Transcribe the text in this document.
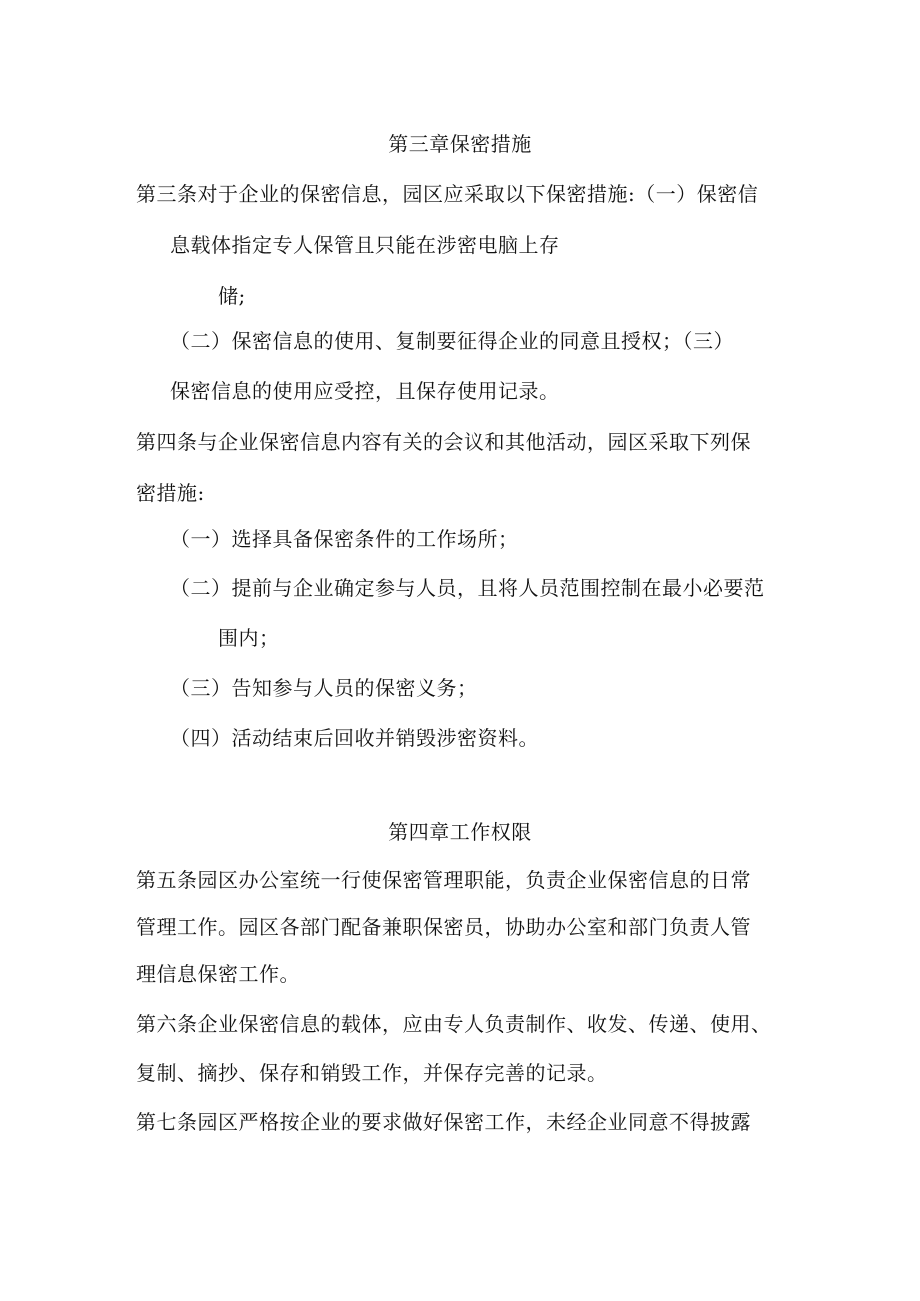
第三章保密措施
第三条对于企业的保密信息，园区应采取以下保密措施:（一）保密信
息载体指定专人保管且只能在涉密电脑上存
储;
（二）保密信息的使用、复制要征得企业的同意且授权；（三）
保密信息的使用应受控，且保存使用记录。
第四条与企业保密信息内容有关的会议和其他活动，园区采取下列保
密措施:
（一）选择具备保密条件的工作场所；
（二）提前与企业确定参与人员，且将人员范围控制在最小必要范
围内；
（三）告知参与人员的保密义务；
（四）活动结束后回收并销毁涉密资料。
第四章工作权限
第五条园区办公室统一行使保密管理职能，负责企业保密信息的日常
管理工作。园区各部门配备兼职保密员，协助办公室和部门负责人管
理信息保密工作。
第六条企业保密信息的载体，应由专人负责制作、收发、传递、使用、
复制、摘抄、保存和销毁工作，并保存完善的记录。
第七条园区严格按企业的要求做好保密工作，未经企业同意不得披露
